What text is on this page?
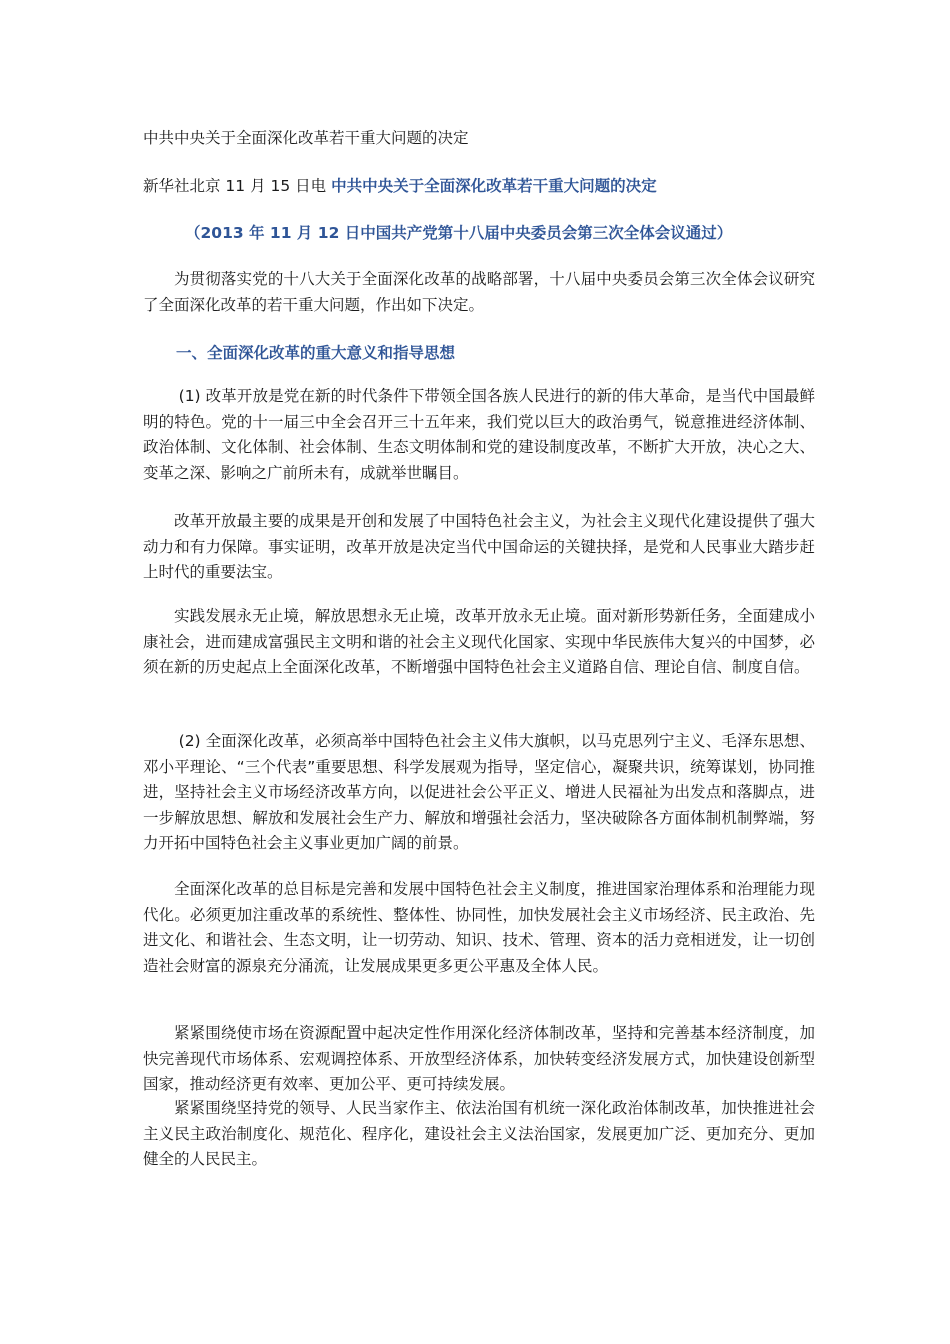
中共中央关于全面深化改革若干重大问题的决定
新华社北京 11 月 15 日电 中共中央关于全面深化改革若干重大问题的决定
（2013 年 11 月 12 日中国共产党第十八届中央委员会第三次全体会议通过）
为贯彻落实党的十八大关于全面深化改革的战略部署，十八届中央委员会第三次全体会议研究了全面深化改革的若干重大问题，作出如下决定。
一、全面深化改革的重大意义和指导思想
(1) 改革开放是党在新的时代条件下带领全国各族人民进行的新的伟大革命，是当代中国最鲜明的特色。党的十一届三中全会召开三十五年来，我们党以巨大的政治勇气，锐意推进经济体制、政治体制、文化体制、社会体制、生态文明体制和党的建设制度改革，不断扩大开放，决心之大、变革之深、影响之广前所未有，成就举世瞩目。
改革开放最主要的成果是开创和发展了中国特色社会主义，为社会主义现代化建设提供了强大动力和有力保障。事实证明，改革开放是决定当代中国命运的关键抉择，是党和人民事业大踏步赶上时代的重要法宝。
实践发展永无止境，解放思想永无止境，改革开放永无止境。面对新形势新任务，全面建成小康社会，进而建成富强民主文明和谐的社会主义现代化国家、实现中华民族伟大复兴的中国梦，必须在新的历史起点上全面深化改革，不断增强中国特色社会主义道路自信、理论自信、制度自信。
(2) 全面深化改革，必须高举中国特色社会主义伟大旗帜，以马克思列宁主义、毛泽东思想、邓小平理论、“三个代表”重要思想、科学发展观为指导，坚定信心，凝聚共识，统筹谋划，协同推进，坚持社会主义市场经济改革方向，以促进社会公平正义、增进人民福祉为出发点和落脚点，进一步解放思想、解放和发展社会生产力、解放和增强社会活力，坚决破除各方面体制机制弊端，努力开拓中国特色社会主义事业更加广阔的前景。
全面深化改革的总目标是完善和发展中国特色社会主义制度，推进国家治理体系和治理能力现代化。必须更加注重改革的系统性、整体性、协同性，加快发展社会主义市场经济、民主政治、先进文化、和谐社会、生态文明，让一切劳动、知识、技术、管理、资本的活力竞相迸发，让一切创造社会财富的源泉充分涌流，让发展成果更多更公平惠及全体人民。
紧紧围绕使市场在资源配置中起决定性作用深化经济体制改革，坚持和完善基本经济制度，加快完善现代市场体系、宏观调控体系、开放型经济体系，加快转变经济发展方式，加快建设创新型国家，推动经济更有效率、更加公平、更可持续发展。
紧紧围绕坚持党的领导、人民当家作主、依法治国有机统一深化政治体制改革，加快推进社会主义民主政治制度化、规范化、程序化，建设社会主义法治国家，发展更加广泛、更加充分、更加健全的人民民主。
